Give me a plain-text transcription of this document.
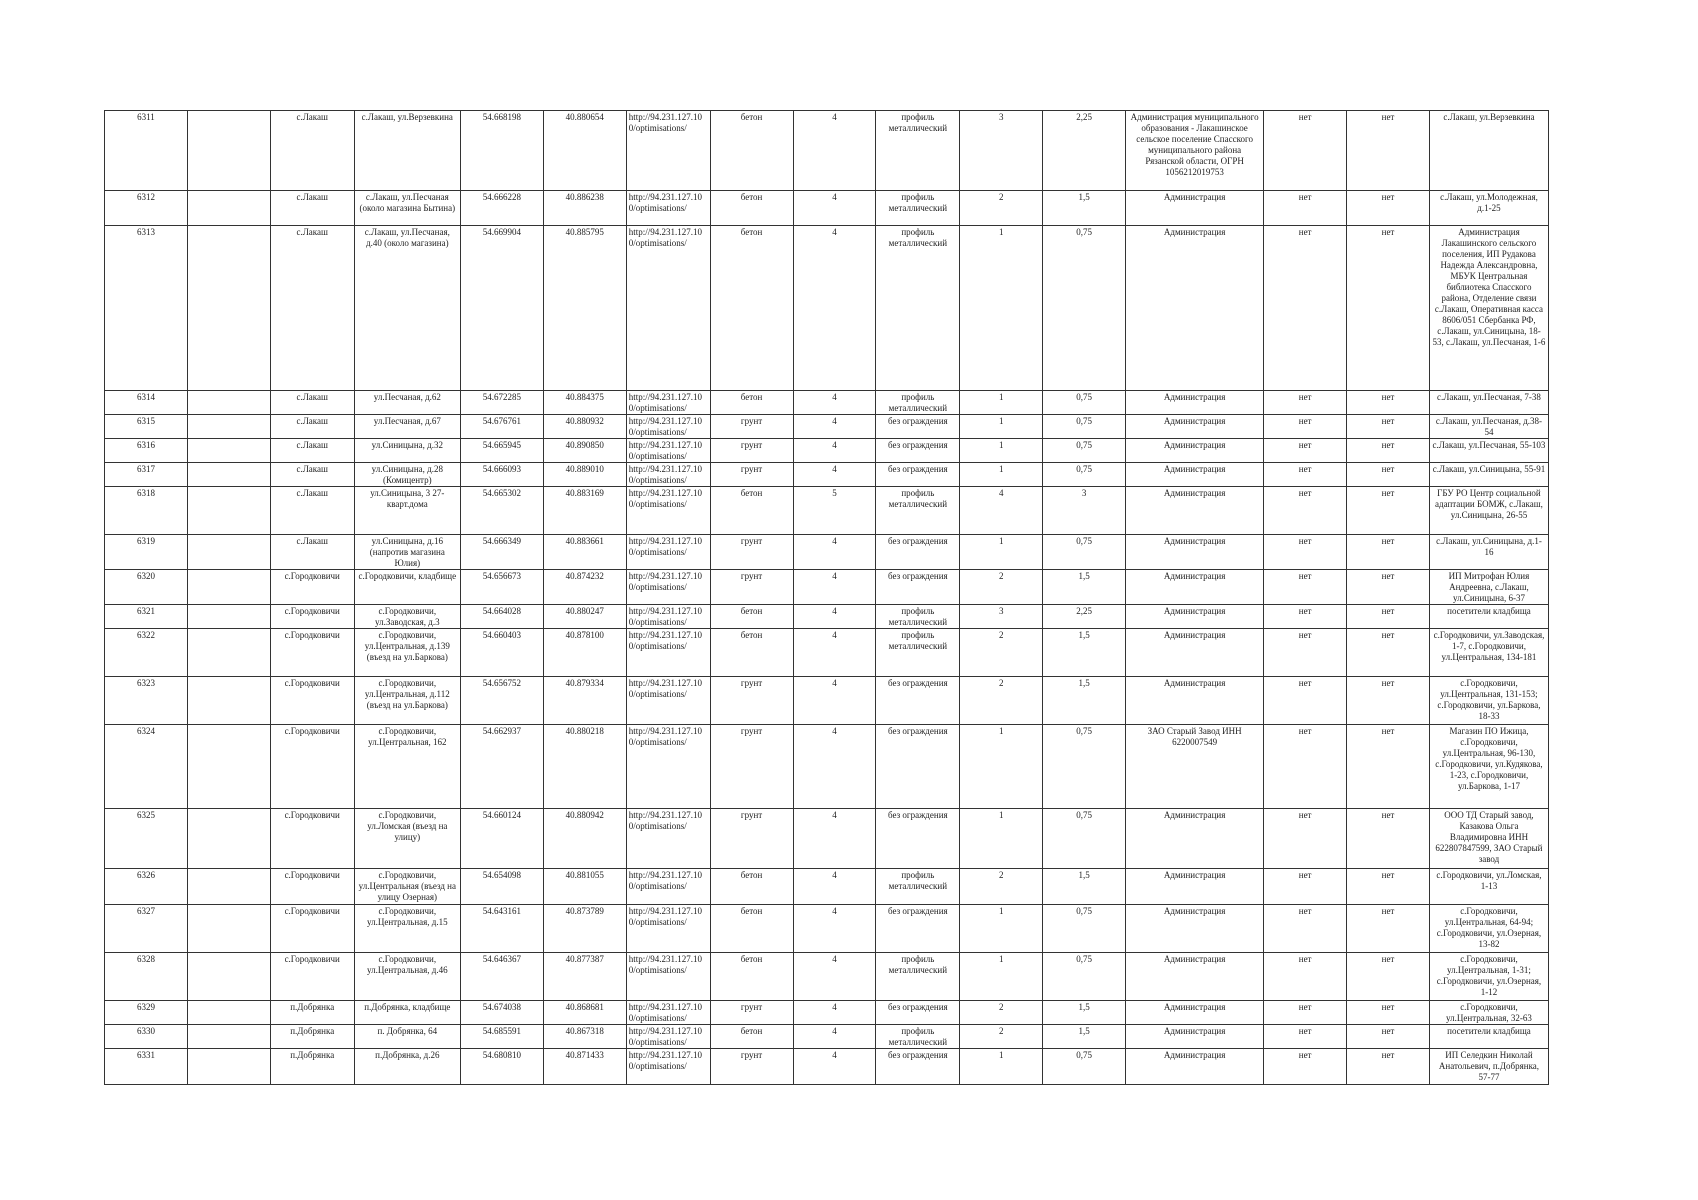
6311		с.Лакаш	с.Лакаш, ул.Верзевкина	54.668198	40.880654	http://94.231.127.10 0/optimisations/	бетон	4	профиль металлический	3	2,25	Администрация муниципального образования - Лакашинское сельское поселение Спасского муниципального района Рязанской области, ОГРН 1056212019753	нет	нет	с.Лакаш, ул.Верзевкина
6312		с.Лакаш	с.Лакаш, ул.Песчаная (около магазина Бытина)	54.666228	40.886238	http://94.231.127.10 0/optimisations/	бетон	4	профиль металлический	2	1,5	Администрация	нет	нет	с.Лакаш, ул.Молодежная, д.1-25
6313		с.Лакаш	с.Лакаш, ул.Песчаная, д.40 (около магазина)	54.669904	40.885795	http://94.231.127.10 0/optimisations/	бетон	4	профиль металлический	1	0,75	Администрация	нет	нет	Администрация Лакашинского сельского поселения, ИП Рудакова Надежда Александровна, МБУК Центральная библиотека Спасского района, Отделение связи с.Лакаш, Оперативная касса 8606/051 Сбербанка РФ, с.Лакаш, ул.Синицына, 18-53, с.Лакаш, ул.Песчаная, 1-6
6314		с.Лакаш	ул.Песчаная, д.62	54.672285	40.884375	http://94.231.127.10 0/optimisations/	бетон	4	профиль металлический	1	0,75	Администрация	нет	нет	с.Лакаш, ул.Песчаная, 7-38
6315		с.Лакаш	ул.Песчаная, д.67	54.676761	40.880932	http://94.231.127.10 0/optimisations/	грунт	4	без ограждения	1	0,75	Администрация	нет	нет	с.Лакаш, ул.Песчаная, д.38-54
6316		с.Лакаш	ул.Синицына, д.32	54.665945	40.890850	http://94.231.127.10 0/optimisations/	грунт	4	без ограждения	1	0,75	Администрация	нет	нет	с.Лакаш, ул.Песчаная, 55-103
6317		с.Лакаш	ул.Синицына, д.28 (Комицентр)	54.666093	40.889010	http://94.231.127.10 0/optimisations/	грунт	4	без ограждения	1	0,75	Администрация	нет	нет	с.Лакаш, ул.Синицына, 55-91
6318		с.Лакаш	ул.Синицына, 3 27-кварт.дома	54.665302	40.883169	http://94.231.127.10 0/optimisations/	бетон	5	профиль металлический	4	3	Администрация	нет	нет	ГБУ РО Центр социальной адаптации БОМЖ, с.Лакаш, ул.Синицына, 26-55
6319		с.Лакаш	ул.Синицына, д.16 (напротив магазина Юлия)	54.666349	40.883661	http://94.231.127.10 0/optimisations/	грунт	4	без ограждения	1	0,75	Администрация	нет	нет	с.Лакаш, ул.Синицына, д.1-16
6320		с.Городковичи	с.Городковичи, кладбище	54.656673	40.874232	http://94.231.127.10 0/optimisations/	грунт	4	без ограждения	2	1,5	Администрация	нет	нет	ИП Митрофан Юлия Андреевна, с.Лакаш, ул.Синицына, 6-37
6321		с.Городковичи	с.Городковичи, ул.Заводская, д.3	54.664028	40.880247	http://94.231.127.10 0/optimisations/	бетон	4	профиль металлический	3	2,25	Администрация	нет	нет	посетители кладбища
6322		с.Городковичи	с.Городковичи, ул.Центральная, д.139 (въезд на ул.Баркова)	54.660403	40.878100	http://94.231.127.10 0/optimisations/	бетон	4	профиль металлический	2	1,5	Администрация	нет	нет	с.Городковичи, ул.Заводская, 1-7, с.Городковичи, ул.Центральная, 134-181
6323		с.Городковичи	с.Городковичи, ул.Центральная, д.112 (въезд на ул.Баркова)	54.656752	40.879334	http://94.231.127.10 0/optimisations/	грунт	4	без ограждения	2	1,5	Администрация	нет	нет	с.Городковичи, ул.Центральная, 131-153; с.Городковичи, ул.Баркова, 18-33
6324		с.Городковичи	с.Городковичи, ул.Центральная, 162	54.662937	40.880218	http://94.231.127.10 0/optimisations/	грунт	4	без ограждения	1	0,75	ЗАО Старый Завод ИНН 6220007549	нет	нет	Магазин ПО Ижица, с.Городковичи, ул.Центральная, 96-130, с.Городковичи, ул.Кудякова, 1-23, с.Городковичи, ул.Баркова, 1-17
6325		с.Городковичи	с.Городковичи, ул.Ломская (въезд на улицу)	54.660124	40.880942	http://94.231.127.10 0/optimisations/	грунт	4	без ограждения	1	0,75	Администрация	нет	нет	ООО ТД Старый завод, Казакова Ольга Владимировна ИНН 622807847599, ЗАО Старый завод
6326		с.Городковичи	с.Городковичи, ул.Центральная (въезд на улицу Озерная)	54.654098	40.881055	http://94.231.127.10 0/optimisations/	бетон	4	профиль металлический	2	1,5	Администрация	нет	нет	с.Городковичи, ул.Ломская, 1-13
6327		с.Городковичи	с.Городковичи, ул.Центральная, д.15	54.643161	40.873789	http://94.231.127.10 0/optimisations/	бетон	4	без ограждения	1	0,75	Администрация	нет	нет	с.Городковичи, ул.Центральная, 64-94; с.Городковичи, ул.Озерная, 13-82
6328		с.Городковичи	с.Городковичи, ул.Центральная, д.46	54.646367	40.877387	http://94.231.127.10 0/optimisations/	бетон	4	профиль металлический	1	0,75	Администрация	нет	нет	с.Городковичи, ул.Центральная, 1-31; с.Городковичи, ул.Озерная, 1-12
6329		п.Добрянка	п.Добрянка, кладбище	54.674038	40.868681	http://94.231.127.10 0/optimisations/	грунт	4	без ограждения	2	1,5	Администрация	нет	нет	с.Городковичи, ул.Центральная, 32-63
6330		п.Добрянка	п. Добрянка, 64	54.685591	40.867318	http://94.231.127.10 0/optimisations/	бетон	4	профиль металлический	2	1,5	Администрация	нет	нет	посетители кладбища
6331		п.Добрянка	п.Добрянка, д.26	54.680810	40.871433	http://94.231.127.10 0/optimisations/	грунт	4	без ограждения	1	0,75	Администрация	нет	нет	ИП Селедкин Николай Анатольевич, п.Добрянка, 57-77
